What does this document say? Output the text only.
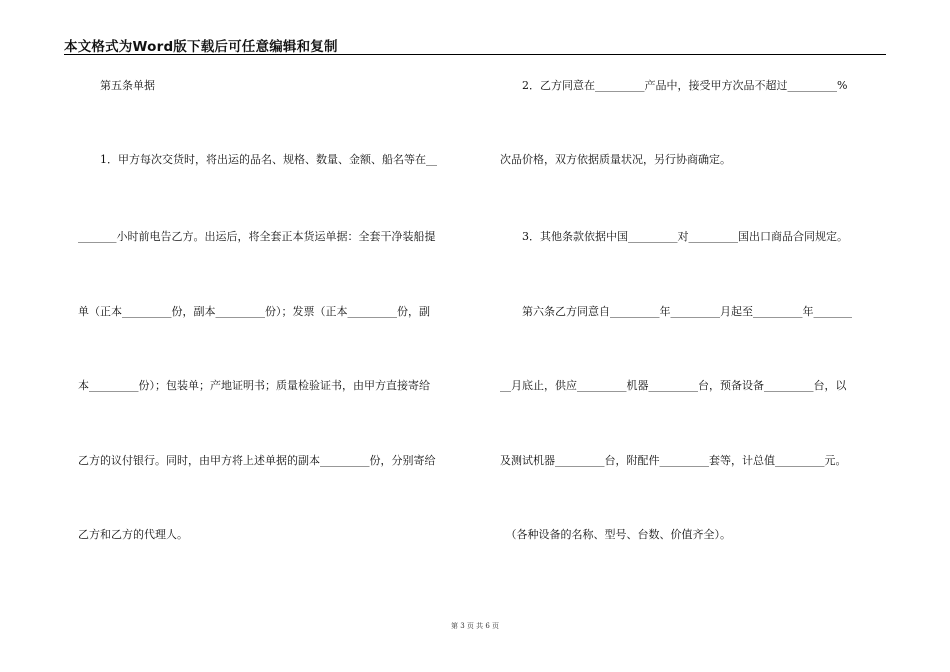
本文格式为Word版下载后可任意编辑和复制
　　第五条单据
　　1．甲方每次交货时，将出运的品名、规格、数量、金额、船名等在__
_______小时前电告乙方。出运后，将全套正本货运单据：全套干净装船提
单（正本_________份，副本_________份）；发票（正本_________份，副
本_________份）；包装单；产地证明书；质量检验证书，由甲方直接寄给
乙方的议付银行。同时，由甲方将上述单据的副本_________份，分别寄给
乙方和乙方的代理人。
　　2．乙方同意在_________产品中，接受甲方次品不超过_________%
次品价格，双方依据质量状况，另行协商确定。
　　3．其他条款依据中国_________对_________国出口商品合同规定。
　　第六条乙方同意自_________年_________月起至_________年_______
__月底止，供应_________机器_________台，预备设备_________台，以
及测试机器_________台，附配件_________套等，计总值_________元。
　（各种设备的名称、型号、台数、价值齐全）。
第 3 页 共 6 页
